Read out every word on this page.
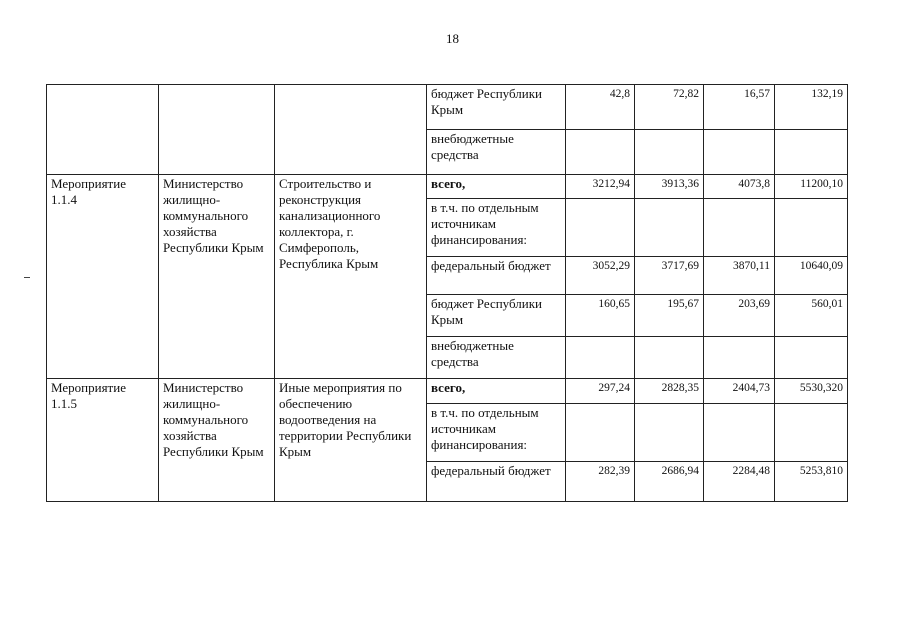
18
			бюджет Республики Крым	42,8	72,82	16,57	132,19
			внебюджетные средства				
Мероприятие 1.1.4	Министерство жилищно-коммунального хозяйства Республики Крым	Строительство и реконструкция канализационного коллектора, г. Симферополь, Республика Крым	всего,	3212,94	3913,36	4073,8	11200,10
			в т.ч. по отдельным источникам финансирования:				
			федеральный бюджет	3052,29	3717,69	3870,11	10640,09
			бюджет Республики Крым	160,65	195,67	203,69	560,01
			внебюджетные средства				
Мероприятие 1.1.5	Министерство жилищно-коммунального хозяйства Республики Крым	Иные мероприятия по обеспечению водоотведения на территории Республики Крым	всего,	297,24	2828,35	2404,73	5530,320
			в т.ч. по отдельным источникам финансирования:				
			федеральный бюджет	282,39	2686,94	2284,48	5253,810
